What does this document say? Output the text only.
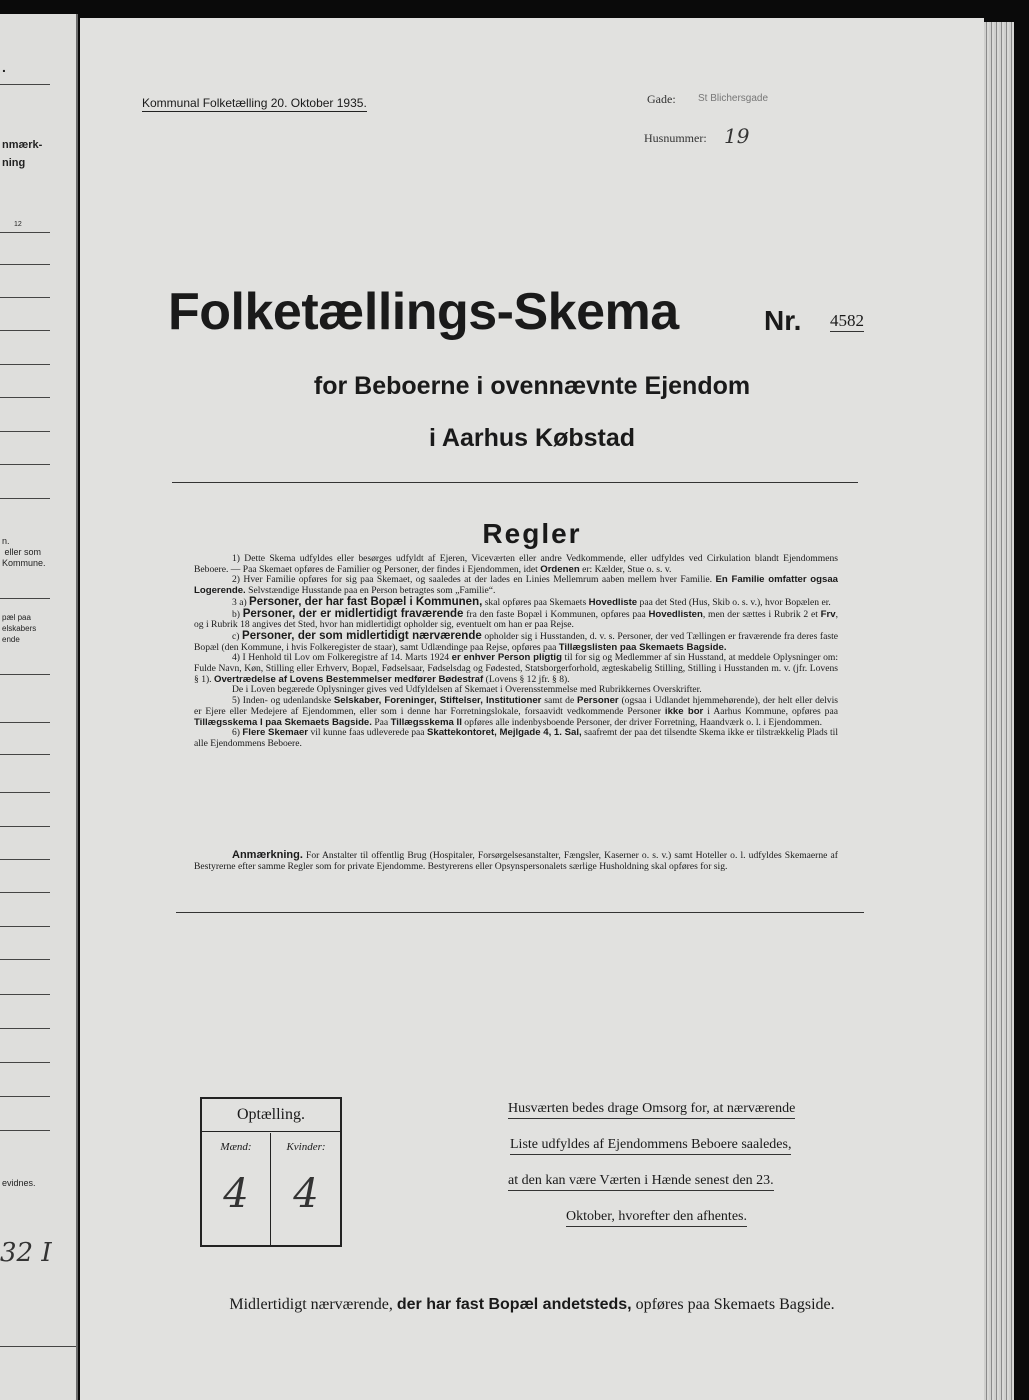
.
nmærk-
ning
12
n.
eller som
Kommune.
pæl paa
elskabers
ende
evidnes.
32 I
Kommunal Folketælling 20. Oktober 1935.	Gade: St Blichersgade
Husnummer: 19
Folketællings-Skema	Nr. 4582
for Beboerne i ovennævnte Ejendom
i Aarhus Købstad
Regler

1) Dette Skema udfyldes eller besørges udfyldt af Ejeren, Viceværten eller andre Vedkommende, eller udfyldes ved Cirkulation blandt Ejendommens Beboere. — Paa Skemaet opføres de Familier og Personer, der findes i Ejendommen, idet Ordenen er: Kælder, Stue o. s. v.

2) Hver Familie opføres for sig paa Skemaet, og saaledes at der lades en Linies Mellemrum aaben mellem hver Familie. En Familie omfatter ogsaa Logerende. Selvstændige Husstande paa en Person betragtes som „Familie“.

3 a) Personer, der har fast Bopæl i Kommunen, skal opføres paa Skemaets Hovedliste paa det Sted (Hus, Skib o. s. v.), hvor Bopælen er.

b) Personer, der er midlertidigt fraværende fra den faste Bopæl i Kommunen, opføres paa Hovedlisten, men der sættes i Rubrik 2 et Frv, og i Rubrik 18 angives det Sted, hvor han midlertidigt opholder sig, eventuelt om han er paa Rejse.

c) Personer, der som midlertidigt nærværende opholder sig i Husstanden, d. v. s. Personer, der ved Tællingen er fraværende fra deres faste Bopæl (den Kommune, i hvis Folkeregister de staar), samt Udlændinge paa Rejse, opføres paa Tillægslisten paa Skemaets Bagside.

4) I Henhold til Lov om Folkeregistre af 14. Marts 1924 er enhver Person pligtig til for sig og Medlemmer af sin Husstand, at meddele Oplysninger om: Fulde Navn, Køn, Stilling eller Erhverv, Bopæl, Fødselsaar, Fødselsdag og Fødested, Statsborgerforhold, ægteskabelig Stilling, Stilling i Husstanden m. v. (jfr. Lovens § 1). Overtrædelse af Lovens Bestemmelser medfører Bødestraf (Lovens § 12 jfr. § 8).

De i Loven begærede Oplysninger gives ved Udfyldelsen af Skemaet i Overensstemmelse med Rubrikkernes Overskrifter.

5) Inden- og udenlandske Selskaber, Foreninger, Stiftelser, Institutioner samt de Personer (ogsaa i Udlandet hjemmehørende), der helt eller delvis er Ejere eller Medejere af Ejendommen, eller som i denne har Forretningslokale, forsaavidt vedkommende Personer ikke bor i Aarhus Kommune, opføres paa Tillægsskema I paa Skemaets Bagside. Paa Tillægsskema II opføres alle indenbysboende Personer, der driver Forretning, Haandværk o. l. i Ejendommen.

6) Flere Skemaer vil kunne faas udleverede paa Skattekontoret, Mejlgade 4, 1. Sal, saafremt der paa det tilsendte Skema ikke er tilstrækkelig Plads til alle Ejendommens Beboere.

Anmærkning. For Anstalter til offentlig Brug (Hospitaler, Forsørgelsesanstalter, Fængsler, Kaserner o. s. v.) samt Hoteller o. l. udfyldes Skemaerne af Bestyrerne efter samme Regler som for private Ejendomme. Bestyrerens eller Opsynspersonalets særlige Husholdning skal opføres for sig.
Optælling.
Mænd:
4
Kvinder:
4
Husværten bedes drage Omsorg for, at nærværende
Liste udfyldes af Ejendommens Beboere saaledes,
at den kan være Værten i Hænde senest den 23.
Oktober, hvorefter den afhentes.
Midlertidigt nærværende, der har fast Bopæl andetsteds, opføres paa Skemaets Bagside.
